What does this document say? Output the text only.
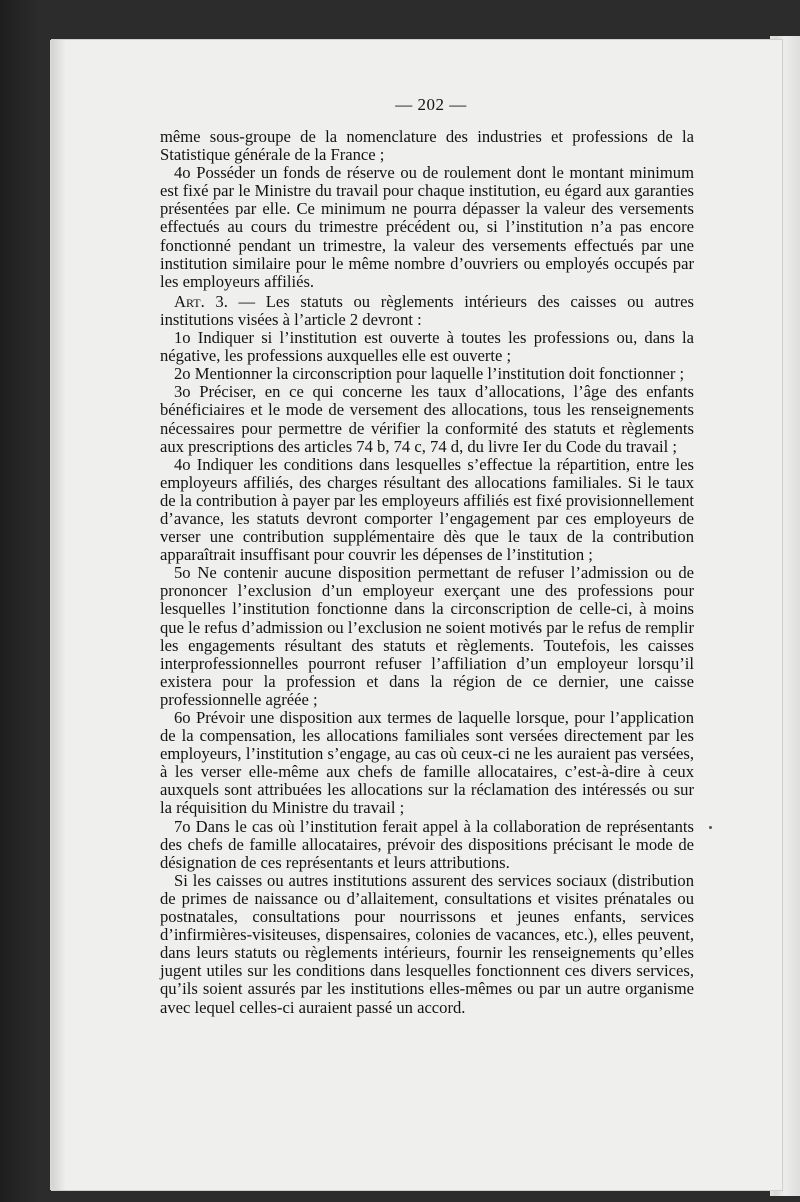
— 202 —

même sous-groupe de la nomenclature des industries et professions de la Statistique générale de la France ;

4o Posséder un fonds de réserve ou de roulement dont le montant minimum est fixé par le Ministre du travail pour chaque institution, eu égard aux garanties présentées par elle. Ce minimum ne pourra dépasser la valeur des versements effectués au cours du trimestre précédent ou, si l’institution n’a pas encore fonctionné pendant un trimestre, la valeur des versements effectués par une institution similaire pour le même nombre d’ouvriers ou employés occupés par les employeurs affiliés.

Art. 3. — Les statuts ou règlements intérieurs des caisses ou autres institutions visées à l’article 2 devront :

1o Indiquer si l’institution est ouverte à toutes les professions ou, dans la négative, les professions auxquelles elle est ouverte ;

2o Mentionner la circonscription pour laquelle l’institution doit fonctionner ;

3o Préciser, en ce qui concerne les taux d’allocations, l’âge des enfants bénéficiaires et le mode de versement des allocations, tous les renseignements nécessaires pour permettre de vérifier la conformité des statuts et règlements aux prescriptions des articles 74 b, 74 c, 74 d, du livre Ier du Code du travail ;

4o Indiquer les conditions dans lesquelles s’effectue la répartition, entre les employeurs affiliés, des charges résultant des allocations familiales. Si le taux de la contribution à payer par les employeurs affiliés est fixé provisionnellement d’avance, les statuts devront comporter l’engagement par ces employeurs de verser une contribution supplémentaire dès que le taux de la contribution apparaîtrait insuffisant pour couvrir les dépenses de l’institution ;

5o Ne contenir aucune disposition permettant de refuser l’admission ou de prononcer l’exclusion d’un employeur exerçant une des professions pour lesquelles l’institution fonctionne dans la circonscription de celle-ci, à moins que le refus d’admission ou l’exclusion ne soient motivés par le refus de remplir les engagements résultant des statuts et règlements. Toutefois, les caisses interprofessionnelles pourront refuser l’affiliation d’un employeur lorsqu’il existera pour la profession et dans la région de ce dernier, une caisse professionnelle agréée ;

6o Prévoir une disposition aux termes de laquelle lorsque, pour l’application de la compensation, les allocations familiales sont versées directement par les employeurs, l’institution s’engage, au cas où ceux-ci ne les auraient pas versées, à les verser elle-même aux chefs de famille allocataires, c’est-à-dire à ceux auxquels sont attribuées les allocations sur la réclamation des intéressés ou sur la réquisition du Ministre du travail ;

7o Dans le cas où l’institution ferait appel à la collaboration de représentants des chefs de famille allocataires, prévoir des dispositions précisant le mode de désignation de ces représentants et leurs attributions.

Si les caisses ou autres institutions assurent des services sociaux (distribution de primes de naissance ou d’allaitement, consultations et visites prénatales ou postnatales, consultations pour nourrissons et jeunes enfants, services d’infirmières-visiteuses, dispensaires, colonies de vacances, etc.), elles peuvent, dans leurs statuts ou règlements intérieurs, fournir les renseignements qu’elles jugent utiles sur les conditions dans lesquelles fonctionnent ces divers services, qu’ils soient assurés par les institutions elles-mêmes ou par un autre organisme avec lequel celles-ci auraient passé un accord.
